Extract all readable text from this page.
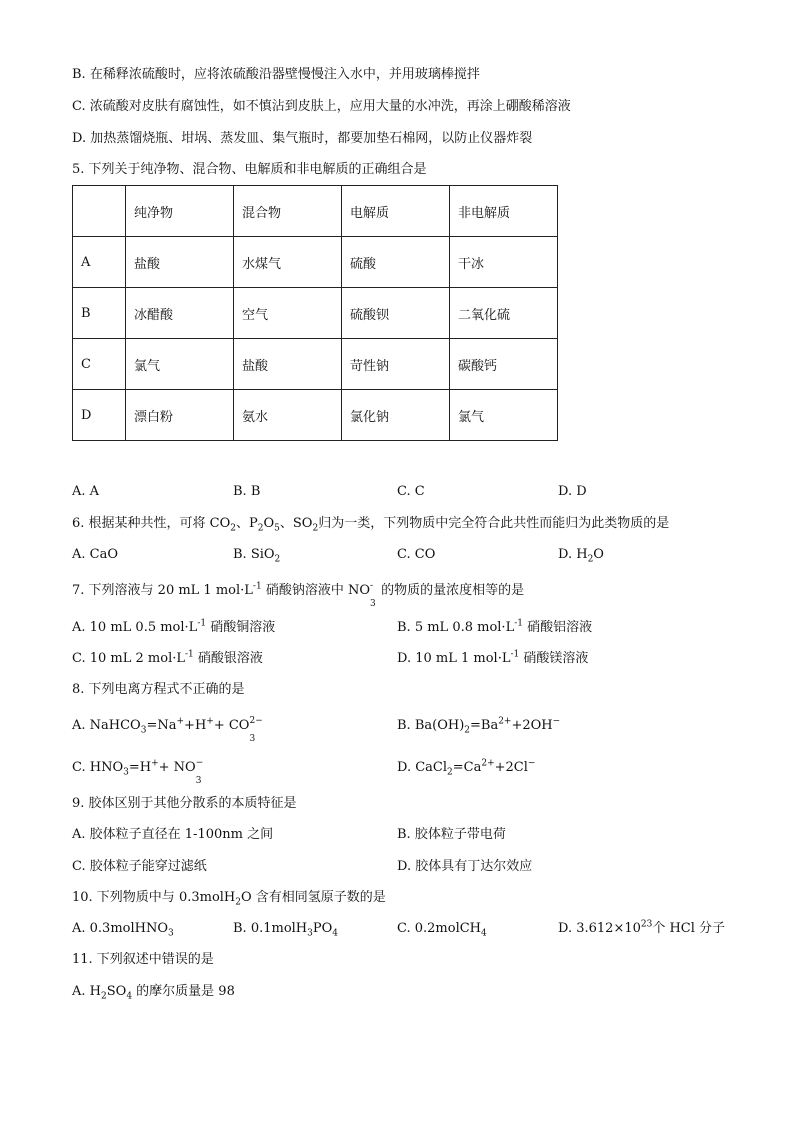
B. 在稀释浓硫酸时，应将浓硫酸沿器壁慢慢注入水中，并用玻璃棒搅拌
C. 浓硫酸对皮肤有腐蚀性，如不慎沾到皮肤上，应用大量的水冲洗，再涂上硼酸稀溶液
D. 加热蒸馏烧瓶、坩埚、蒸发皿、集气瓶时，都要加垫石棉网，以防止仪器炸裂
5. 下列关于纯净物、混合物、电解质和非电解质的正确组合是
	纯净物	混合物	电解质	非电解质
A	盐酸	水煤气	硫酸	干冰
B	冰醋酸	空气	硫酸钡	二氧化硫
C	氯气	盐酸	苛性钠	碳酸钙
D	漂白粉	氨水	氯化钠	氯气
A. A	B. B	C. C	D. D
6. 根据某种共性，可将 $CO_2$、$P_2O_5$、$SO_2$归为一类，下列物质中完全符合此共性而能归为此类物质的是
A. CaO	B. SiO$_2$	C. CO	D. $H_2O$
7. 下列溶液与 20 mL 1 $mol\cdot L^{-1}$ 硝酸钠溶液中 NO -
3
的物质的量浓度相等的是
A. 10 mL 0.5 $mol\cdot L^{-1}$ 硝酸铜溶液	B. 5 mL 0.8 $mol\cdot L^{-1}$ 硝酸铝溶液
C. 10 mL 2 $mol\cdot L^{-1}$ 硝酸银溶液	D. 10 mL 1 $mol\cdot L^{-1}$ 硝酸镁溶液
8. 下列电离方程式不正确的是
A. NaHCO$_3$=Na++H++ CO 2−
3
B. $Ba(OH)_2=Ba^{2+}+2OH^-$
C. $HNO_3=H^++$ NO −
3
D. $CaCl_2=Ca^{2+}+2Cl^-$
9. 胶体区别于其他分散系的本质特征是
A. 胶体粒子直径在 1-100nm 之间	B. 胶体粒子带电荷
C. 胶体粒子能穿过滤纸	D. 胶体具有丁达尔效应
10. 下列物质中与 0.3molH$_2$O 含有相同氢原子数的是
A. 0.3molHNO$_3$	B. $0.1molH_3PO_4$	C. 0.2molCH$_4$	D. $3.612\times 10^{23}$个 HCl 分子
11. 下列叙述中错误的是
A. $H_2SO_4$ 的摩尔质量是 98
